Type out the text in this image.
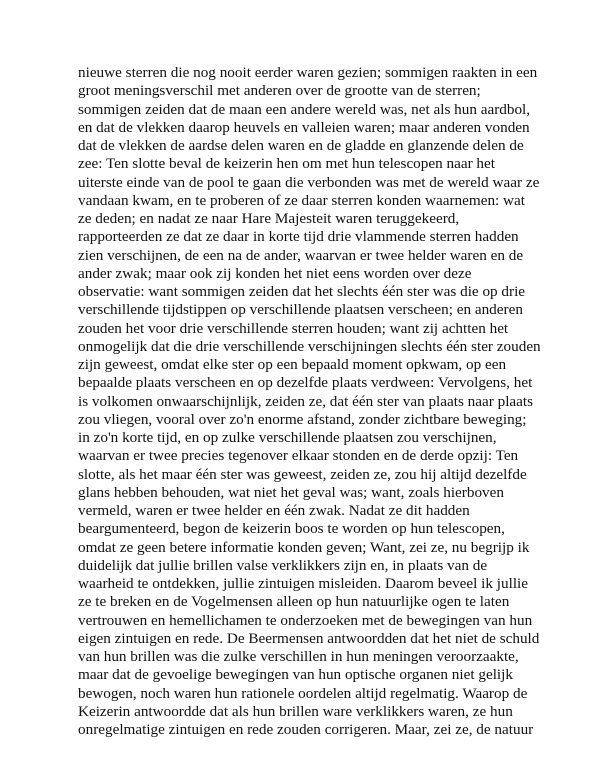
nieuwe sterren die nog nooit eerder waren gezien; sommigen raakten in een
groot meningsverschil met anderen over de grootte van de sterren;
sommigen zeiden dat de maan een andere wereld was, net als hun aardbol,
en dat de vlekken daarop heuvels en valleien waren; maar anderen vonden
dat de vlekken de aardse delen waren en de gladde en glanzende delen de
zee: Ten slotte beval de keizerin hen om met hun telescopen naar het
uiterste einde van de pool te gaan die verbonden was met de wereld waar ze
vandaan kwam, en te proberen of ze daar sterren konden waarnemen: wat
ze deden; en nadat ze naar Hare Majesteit waren teruggekeerd,
rapporteerden ze dat ze daar in korte tijd drie vlammende sterren hadden
zien verschijnen, de een na de ander, waarvan er twee helder waren en de
ander zwak; maar ook zij konden het niet eens worden over deze
observatie: want sommigen zeiden dat het slechts één ster was die op drie
verschillende tijdstippen op verschillende plaatsen verscheen; en anderen
zouden het voor drie verschillende sterren houden; want zij achtten het
onmogelijk dat die drie verschillende verschijningen slechts één ster zouden
zijn geweest, omdat elke ster op een bepaald moment opkwam, op een
bepaalde plaats verscheen en op dezelfde plaats verdween: Vervolgens, het
is volkomen onwaarschijnlijk, zeiden ze, dat één ster van plaats naar plaats
zou vliegen, vooral over zo'n enorme afstand, zonder zichtbare beweging;
in zo'n korte tijd, en op zulke verschillende plaatsen zou verschijnen,
waarvan er twee precies tegenover elkaar stonden en de derde opzij: Ten
slotte, als het maar één ster was geweest, zeiden ze, zou hij altijd dezelfde
glans hebben behouden, wat niet het geval was; want, zoals hierboven
vermeld, waren er twee helder en één zwak. Nadat ze dit hadden
beargumenteerd, begon de keizerin boos te worden op hun telescopen,
omdat ze geen betere informatie konden geven; Want, zei ze, nu begrijp ik
duidelijk dat jullie brillen valse verklikkers zijn en, in plaats van de
waarheid te ontdekken, jullie zintuigen misleiden. Daarom beveel ik jullie
ze te breken en de Vogelmensen alleen op hun natuurlijke ogen te laten
vertrouwen en hemellichamen te onderzoeken met de bewegingen van hun
eigen zintuigen en rede. De Beermensen antwoordden dat het niet de schuld
van hun brillen was die zulke verschillen in hun meningen veroorzaakte,
maar dat de gevoelige bewegingen van hun optische organen niet gelijk
bewogen, noch waren hun rationele oordelen altijd regelmatig. Waarop de
Keizerin antwoordde dat als hun brillen ware verklikkers waren, ze hun
onregelmatige zintuigen en rede zouden corrigeren. Maar, zei ze, de natuur
